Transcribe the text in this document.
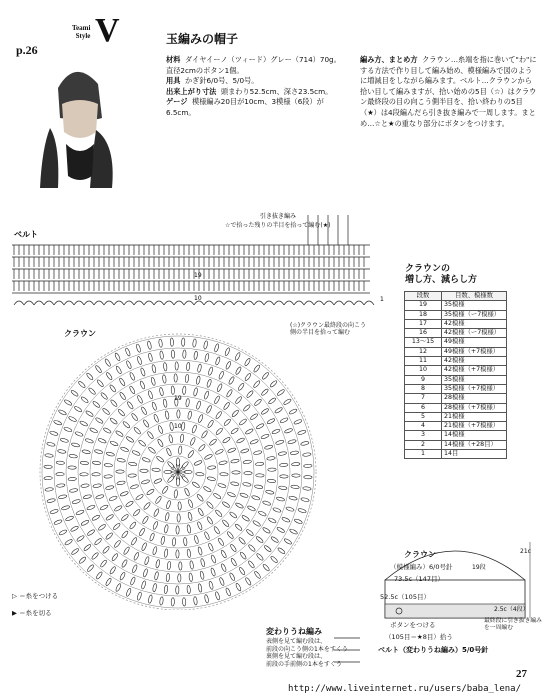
p.26
Teami
Style V	玉編みの帽子
材料 ダイヤイーノ（ツィード）グレー（714）70g。直径2cmのボタン1個。
用具 かぎ針6/0号、5/0号。
出来上がり寸法 頭まわり52.5cm、深さ23.5cm。
ゲージ 模様編み20目が10cm、3模様（6段）が6.5cm。
編み方、まとめ方 クラウン…糸端を指に巻いて"わ"にする方法で作り目して編み始め、模様編みで図のように増減目をしながら編みます。ベルト…クラウンから拾い目して編みますが、拾い始めの5目（☆）はクラウン最終段の目の向こう側半目を、拾い終わりの5目（★）は4段編んだら引き抜き編みで一周します。まとめ…☆と★の重なり部分にボタンをつけます。
ベルト
1
19
10
引き抜き編み
☆で拾った残りの半目を拾って編む(★)
クラウン
19
10
(☆)クラウン最終段の向こう側の半目を拾って編む
クラウンの
増し方、減らし方
段数	目数、模様数
19	35模様
18	35模様（ー7模様）
17	42模様
16	42模様（ー7模様）
13〜15	49模様
12	49模様（+7模様）
11	42模様
10	42模様（+7模様）
9	35模様
8	35模様（+7模様）
7	28模様
6	28模様（+7模様）
5	21模様
4	21模様（+7模様）
3	14模様
2	14模様（+28目）
1	14目
クラウン
（模様編み）6/0号針
73.5c（147目）
19段
21c
52.5c（105目）
2.5c（4段）
ボタンをつける
（105目＝★8目）拾う
最終段に引き抜き編みを一周編む
ベルト（変わりうね編み）5/0号針
変わりうね編み
表側を見て編む段は、
前段の向こう側の1本をすくう
裏側を見て編む段は、
前段の手前側の1本をすくう
▷ ＝糸をつける
▶ ＝糸を切る
27
http://www.liveinternet.ru/users/baba_lena/
